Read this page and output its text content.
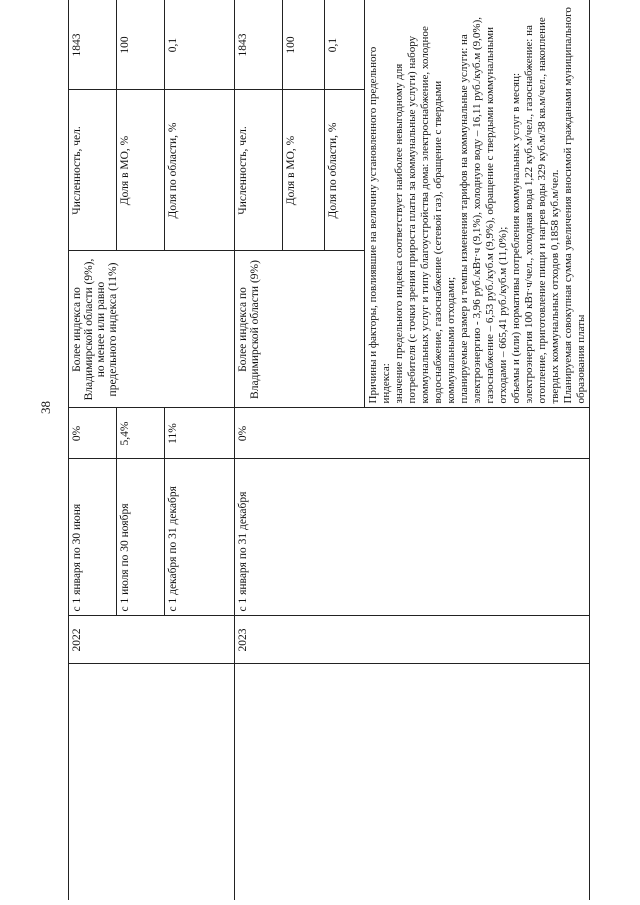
38
	2022	с 1 января по 30 июня	0%	Более индекса по Владимирской области (9%), но менее или равно предельного индекса (11%)	Численность, чел.	1843
		с 1 июля по 30 ноября	5,4%		Доля в МО, %	100
		с 1 декабря по 31 декабря	11%		Доля по области, %	0,1
	2023	с 1 января по 31 декабря	0%	Более индекса по Владимирской области (9%)	Численность, чел.	1843
					Доля в МО, %	100
					Доля по области, %	0,1

				Причины и факторы, повлиявшие на величину установленного предельного индекса: значение предельного индекса соответствует наиболее невыгодному для потребителя (с точки зрения прироста платы за коммунальные услуги) набору коммунальных услуг и типу благоустройства дома: электроснабжение, холодное водоснабжение, газоснабжение (сетевой газ), обращение с твердыми коммунальными отходами; планируемые размер и темпы изменения тарифов на коммунальные услуги: на электроэнергию - 3,96 руб./кВт·ч (9,1%), холодную воду – 16,11 руб./куб.м (9,0%), газоснабжение – 6,53 руб./куб.м (9,9%), обращение с твердыми коммунальными отходами – 665,41 руб./куб.м (11,0%); объемы и (или) нормативы потребления коммунальных услуг в месяц: электроэнергия 100 кВт·ч/чел., холодная вода 1,22 куб.м/чел., газоснабжение: на отопление, приготовление пищи и нагрев воды 329 куб.м/38 кв.м/чел., накопление твердых коммунальных отходов 0,1858 куб.м/чел. Планируемая совокупная сумма увеличения вносимой гражданами муниципального образования платы		
